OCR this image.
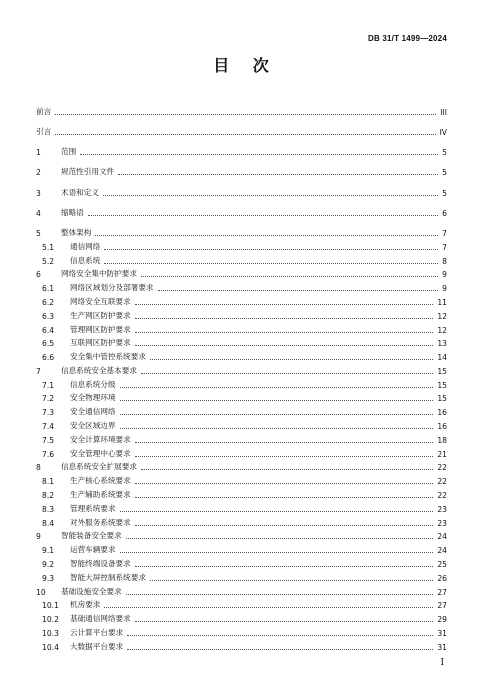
DB 31/T 1499—2024
目 次
前言	III
引言	IV
1	范围	5
2	规范性引用文件	5
3	术语和定义	5
4	缩略语	6
5	整体架构	7
5.1	通信网络	7
5.2	信息系统	8
6	网络安全集中防护要求	9
6.1	网络区域划分及部署要求	9
6.2	网络安全互联要求	11
6.3	生产网区防护要求	12
6.4	管理网区防护要求	12
6.5	互联网区防护要求	13
6.6	安全集中管控系统要求	14
7	信息系统安全基本要求	15
7.1	信息系统分级	15
7.2	安全物理环境	15
7.3	安全通信网络	16
7.4	安全区域边界	16
7.5	安全计算环境要求	18
7.6	安全管理中心要求	21
8	信息系统安全扩展要求	22
8.1	生产核心系统要求	22
8.2	生产辅助系统要求	22
8.3	管理系统要求	23
8.4	对外服务系统要求	23
9	智能装备安全要求	24
9.1	运营车辆要求	24
9.2	智能终端设备要求	25
9.3	智能大屏控制系统要求	26
10	基础设施安全要求	27
10.1	机房要求	27
10.2	基础通信网络要求	29
10.3	云计算平台要求	31
10.4	大数据平台要求	31
I
